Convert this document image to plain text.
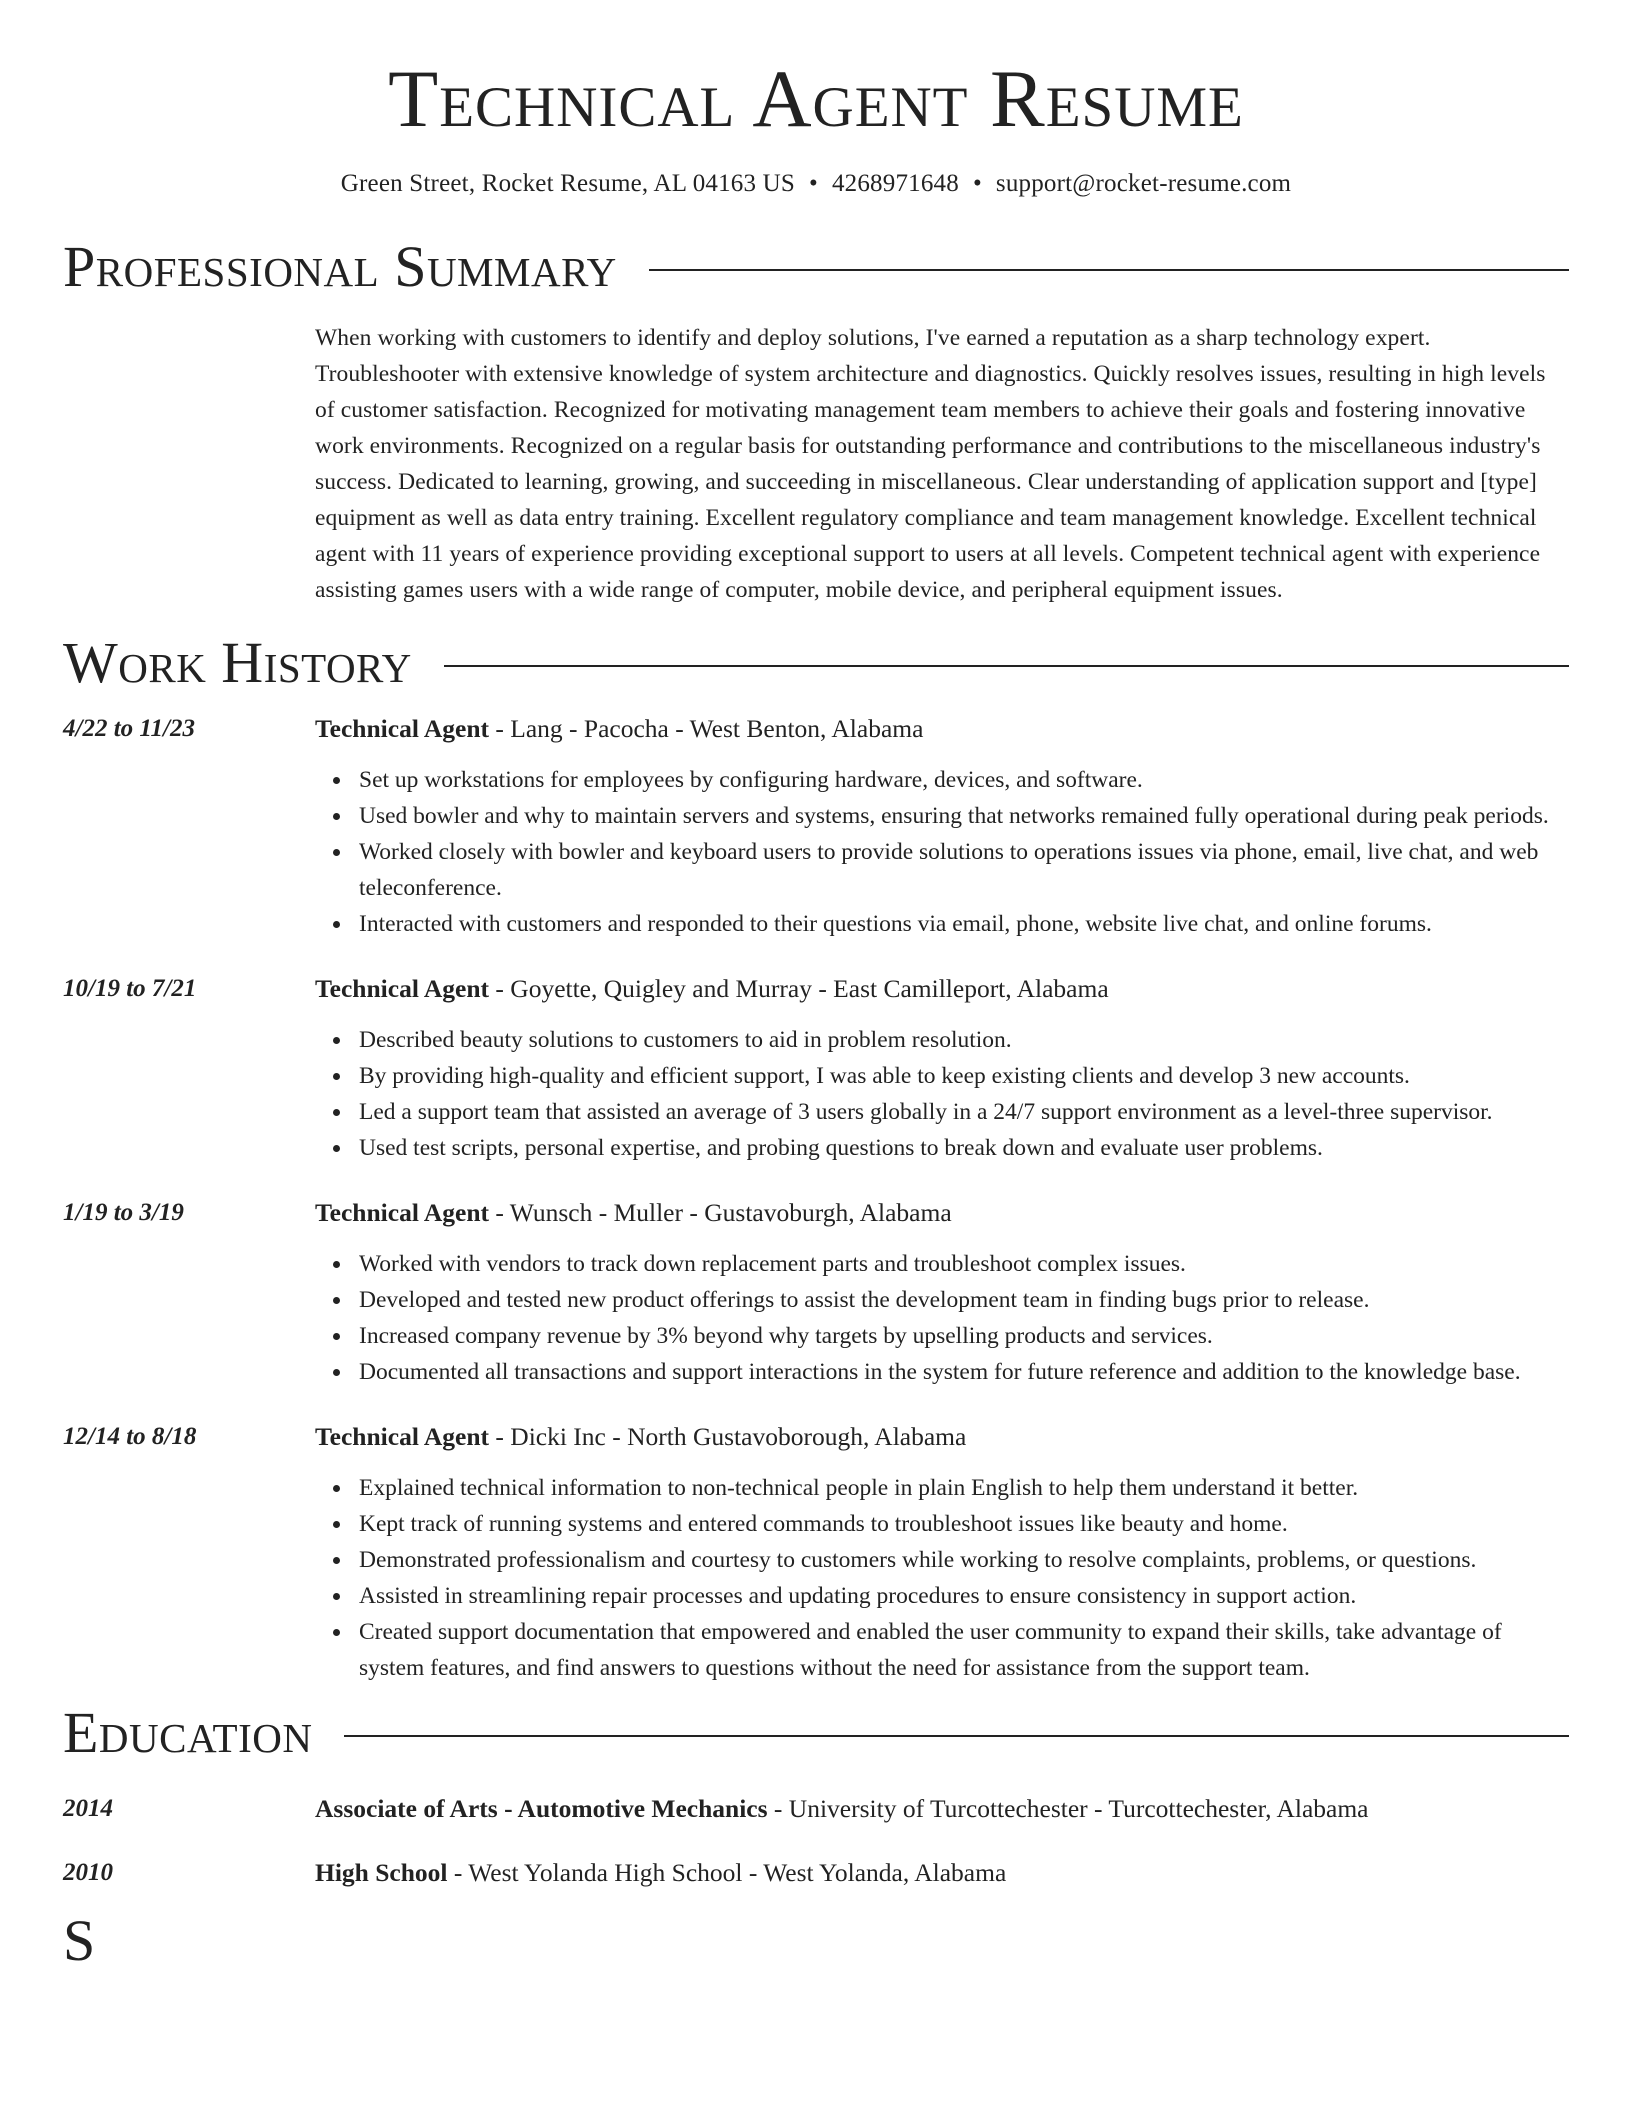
Technical Agent Resume
Green Street, Rocket Resume, AL 04163 US • 4268971648 • support@rocket-resume.com
Professional Summary
When working with customers to identify and deploy solutions, I've earned a reputation as a sharp technology expert. Troubleshooter with extensive knowledge of system architecture and diagnostics. Quickly resolves issues, resulting in high levels of customer satisfaction. Recognized for motivating management team members to achieve their goals and fostering innovative work environments. Recognized on a regular basis for outstanding performance and contributions to the miscellaneous industry's success. Dedicated to learning, growing, and succeeding in miscellaneous. Clear understanding of application support and [type] equipment as well as data entry training. Excellent regulatory compliance and team management knowledge. Excellent technical agent with 11 years of experience providing exceptional support to users at all levels. Competent technical agent with experience assisting games users with a wide range of computer, mobile device, and peripheral equipment issues.
Work History
4/22 to 11/23	Technical Agent - Lang - Pacocha - West Benton, Alabama
Set up workstations for employees by configuring hardware, devices, and software.
Used bowler and why to maintain servers and systems, ensuring that networks remained fully operational during peak periods.
Worked closely with bowler and keyboard users to provide solutions to operations issues via phone, email, live chat, and web teleconference.
Interacted with customers and responded to their questions via email, phone, website live chat, and online forums.
10/19 to 7/21	Technical Agent - Goyette, Quigley and Murray - East Camilleport, Alabama
Described beauty solutions to customers to aid in problem resolution.
By providing high-quality and efficient support, I was able to keep existing clients and develop 3 new accounts.
Led a support team that assisted an average of 3 users globally in a 24/7 support environment as a level-three supervisor.
Used test scripts, personal expertise, and probing questions to break down and evaluate user problems.
1/19 to 3/19	Technical Agent - Wunsch - Muller - Gustavoburgh, Alabama
Worked with vendors to track down replacement parts and troubleshoot complex issues.
Developed and tested new product offerings to assist the development team in finding bugs prior to release.
Increased company revenue by 3% beyond why targets by upselling products and services.
Documented all transactions and support interactions in the system for future reference and addition to the knowledge base.
12/14 to 8/18	Technical Agent - Dicki Inc - North Gustavoborough, Alabama
Explained technical information to non-technical people in plain English to help them understand it better.
Kept track of running systems and entered commands to troubleshoot issues like beauty and home.
Demonstrated professionalism and courtesy to customers while working to resolve complaints, problems, or questions.
Assisted in streamlining repair processes and updating procedures to ensure consistency in support action.
Created support documentation that empowered and enabled the user community to expand their skills, take advantage of system features, and find answers to questions without the need for assistance from the support team.
Education
2014	Associate of Arts - Automotive Mechanics - University of Turcottechester - Turcottechester, Alabama
2010	High School - West Yolanda High School - West Yolanda, Alabama
S
